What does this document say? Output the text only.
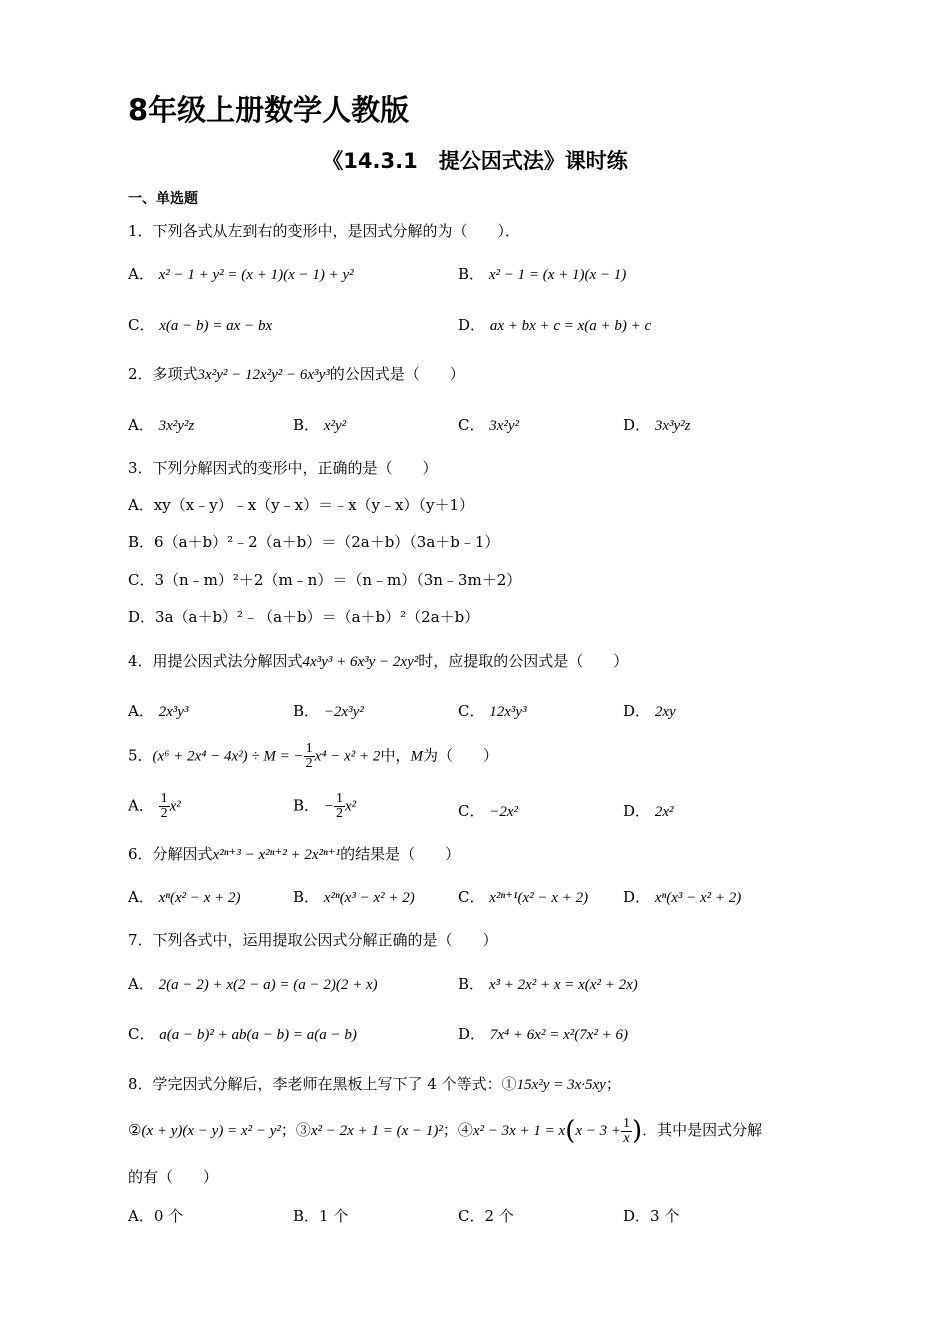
8年级上册数学人教版
《14.3.1　提公因式法》课时练
一、单选题
1．下列各式从左到右的变形中，是因式分解的为（　　）．
A． x² − 1 + y² = (x + 1)(x − 1) + y²	B． x² − 1 = (x + 1)(x − 1)
C． x(a − b) = ax − bx	D． ax + bx + c = x(a + b) + c
2．多项式3x²y² − 12x²y² − 6x³y³的公因式是（　　）
A． 3x²y²z	B． x²y²	C． 3x²y²	D． 3x³y²z
3．下列分解因式的变形中，正确的是（　　）
A．xy（x﹣y）﹣x（y﹣x）＝﹣x（y﹣x）（y＋1）
B．6（a＋b）²﹣2（a＋b）＝（2a＋b）（3a＋b﹣1）
C．3（n﹣m）²＋2（m﹣n）＝（n﹣m）（3n﹣3m＋2）
D．3a（a＋b）²﹣（a＋b）＝（a＋b）²（2a＋b）
4．用提公因式法分解因式4x³y³ + 6x³y − 2xy²时，应提取的公因式是（　　）
A． 2x³y³	B． −2x³y²	C． 12x³y³	D． 2xy
5．(x⁶ + 2x⁴ − 4x²) ÷ M = − $\frac{1}{2} x^4 - x^2 + 2$中，M为（　　）
A． $\frac{1}{2} x^2$	B． − $\frac{1}{2} x^2$	C． −2x²	D． 2x²
6．分解因式x²ⁿ⁺³ − x²ⁿ⁺² + 2x²ⁿ⁺¹的结果是（　　）
A． xⁿ(x² − x + 2)	B． x²ⁿ(x³ − x² + 2)	C． x²ⁿ⁺¹(x² − x + 2) D． xⁿ(x³ − x² + 2)
7．下列各式中，运用提取公因式分解正确的是（　　）
A． 2(a − 2) + x(2 − a) = (a − 2)(2 + x)	B． x³ + 2x² + x = x(x² + 2x)
C． a(a − b)² + ab(a − b) = a(a − b)	D． 7x⁴ + 6x² = x²(7x² + 6)
8．学完因式分解后，李老师在黑板上写下了 4 个等式：①15x²y = 3x·5xy；
②(x + y)(x − y) = x² − y²；③x² − 2x + 1 = (x − 1)²；④x² − $3x + 1 = x(x - 3 + \frac{1}{x}$ )．其中是因式分解
的有（　　）
A．0 个	B．1 个	C．2 个	D．3 个
